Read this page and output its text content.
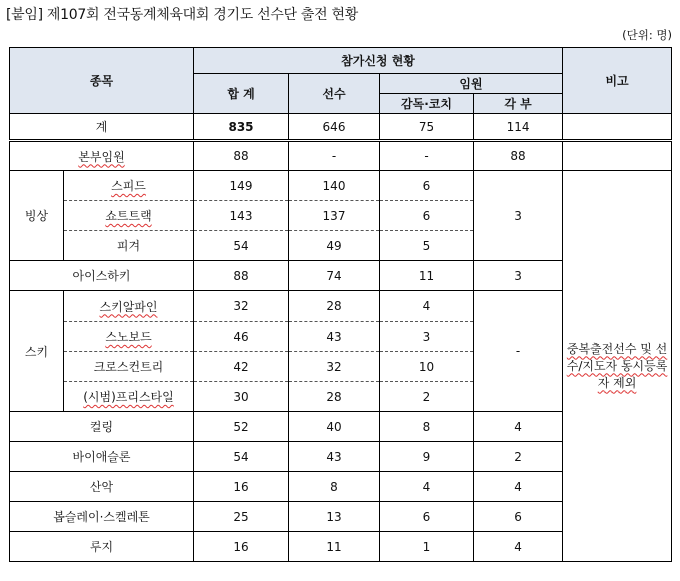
[붙임] 제107회 전국동계체육대회 경기도 선수단 출전 현황
(단위: 명)
종목		참가신청 현황				비고
		합 계	선수	임원		
				감독·코치	각 부	
계		835	646	75	114	
본부임원		88	-	-	88	
빙상	스피드	149	140	6	3	중복출전선수 및 선수/지도자 동시등록자 제외
	쇼트트랙	143	137	6		
	피겨	54	49	5		
아이스하키		88	74	11	3	
스키	스키알파인	32	28	4	-	
	스노보드	46	43	3		
	크로스컨트리	42	32	10		
	(시범)프리스타일	30	28	2		
컬링		52	40	8	4	
바이애슬론		54	43	9	2	
산악		16	8	4	4	
봅슬레이·스켈레톤		25	13	6	6	
루지		16	11	1	4	
